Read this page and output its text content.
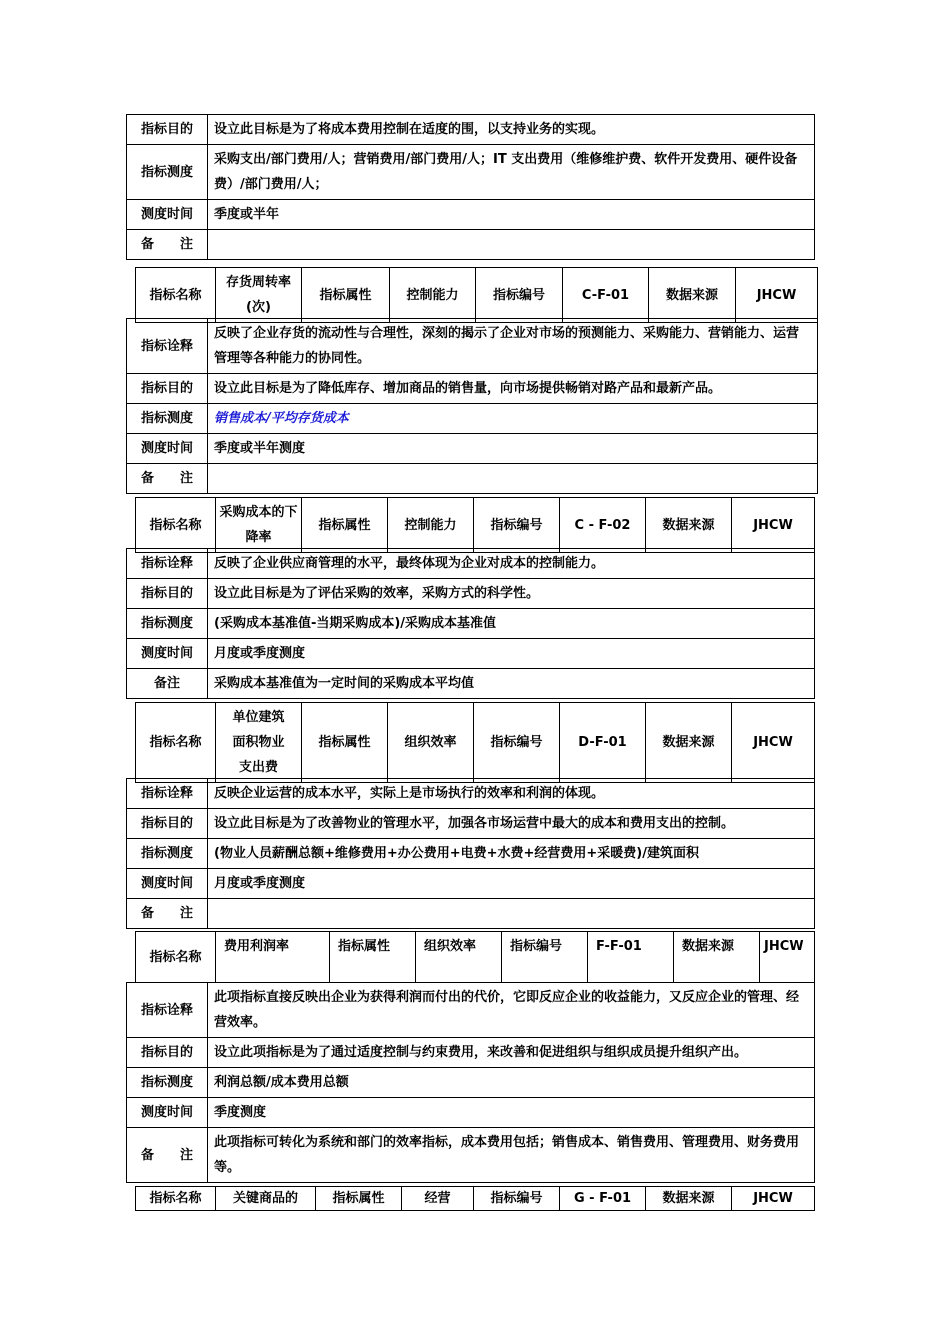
指标目的	设立此目标是为了将成本费用控制在适度的围，以支持业务的实现。
指标测度	采购支出/部门费用/人；营销费用/部门费用/人；IT 支出费用（维修维护费、软件开发费用、硬件设备费）/部门费用/人；
测度时间	季度或半年
备　　注	
指标名称	存货周转率(次)	指标属性	控制能力	指标编号	C-F-01	数据来源	JHCW
指标诠释	反映了企业存货的流动性与合理性，深刻的揭示了企业对市场的预测能力、采购能力、营销能力、运营管理等各种能力的协同性。
指标目的	设立此目标是为了降低库存、增加商品的销售量，向市场提供畅销对路产品和最新产品。
指标测度	销售成本/平均存货成本
测度时间	季度或半年测度
备　　注	
指标名称	采购成本的下降率	指标属性	控制能力	指标编号	C - F-02	数据来源	JHCW
指标诠释	反映了企业供应商管理的水平，最终体现为企业对成本的控制能力。
指标目的	设立此目标是为了评估采购的效率，采购方式的科学性。
指标测度	(采购成本基准值-当期采购成本)/采购成本基准值
测度时间	月度或季度测度
备注	采购成本基准值为一定时间的采购成本平均值
指标名称	单位建筑面积物业支出费	指标属性	组织效率	指标编号	D-F-01	数据来源	JHCW
指标诠释	反映企业运营的成本水平，实际上是市场执行的效率和利润的体现。
指标目的	设立此目标是为了改善物业的管理水平，加强各市场运营中最大的成本和费用支出的控制。
指标测度	(物业人员薪酬总额+维修费用+办公费用+电费+水费+经营费用+采暖费)/建筑面积
测度时间	月度或季度测度
备　　注	
指标名称	费用利润率	指标属性	组织效率	指标编号	F-F-01	数据来源	JHCW
指标诠释	此项指标直接反映出企业为获得利润而付出的代价，它即反应企业的收益能力，又反应企业的管理、经营效率。
指标目的	设立此项指标是为了通过适度控制与约束费用，来改善和促进组织与组织成员提升组织产出。
指标测度	利润总额/成本费用总额
测度时间	季度测度
备　　注	此项指标可转化为系统和部门的效率指标，成本费用包括；销售成本、销售费用、管理费用、财务费用等。
指标名称	关键商品的	指标属性	经营	指标编号	G - F-01	数据来源	JHCW
